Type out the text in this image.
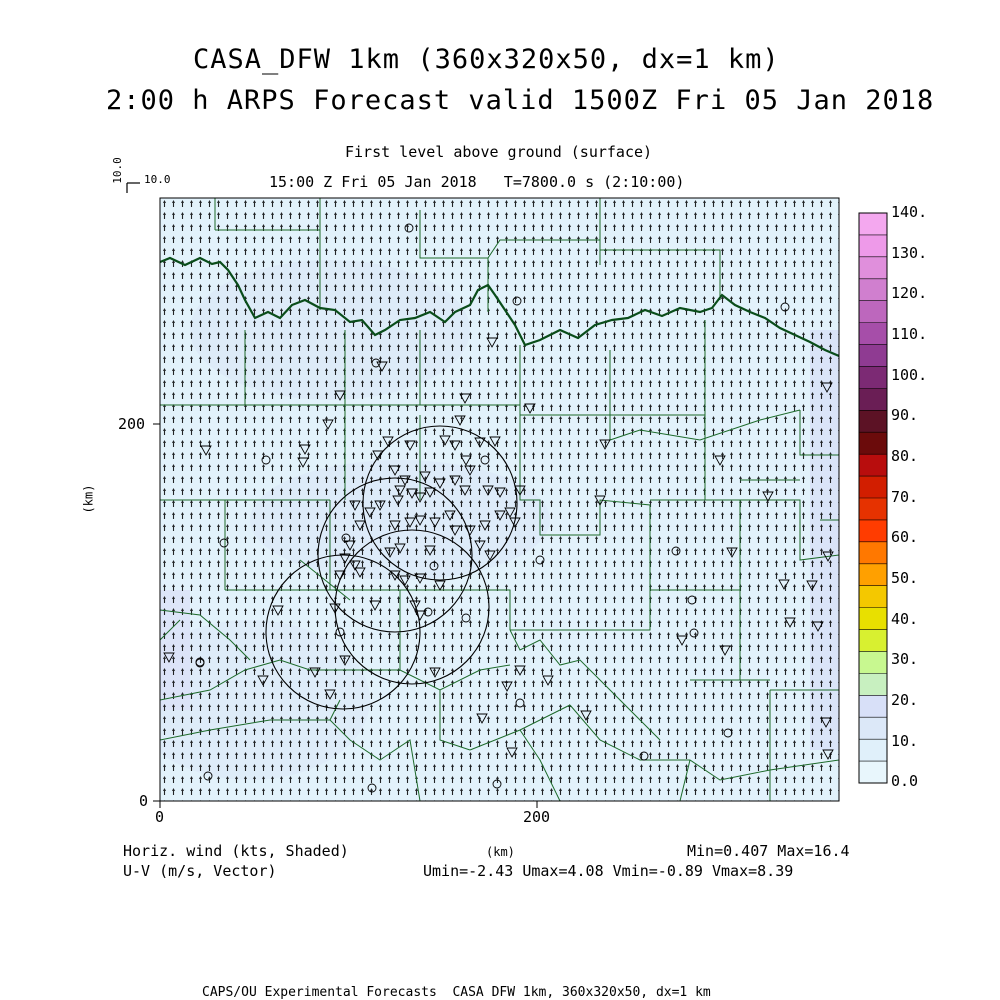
CASA_DFW 1km (360x320x50, dx=1 km)
2:00 h ARPS Forecast valid 1500Z Fri 05 Jan 2018
First level above ground (surface)
15:00 Z Fri 05 Jan 2018   T=7800.0 s (2:10:00)
10.0 10.0
0	200
0
200
(km)
140.
130.
120.
110.
100.
90.
80.
70.
60.
50.
40.
30.
20.
10.
0.0
Horiz. wind (kts, Shaded)
U-V (m/s, Vector)
(km)	Min=0.407 Max=16.4
Umin=-2.43 Umax=4.08 Vmin=-0.89 Vmax=8.39
CAPS/OU Experimental Forecasts  CASA DFW 1km, 360x320x50, dx=1 km
